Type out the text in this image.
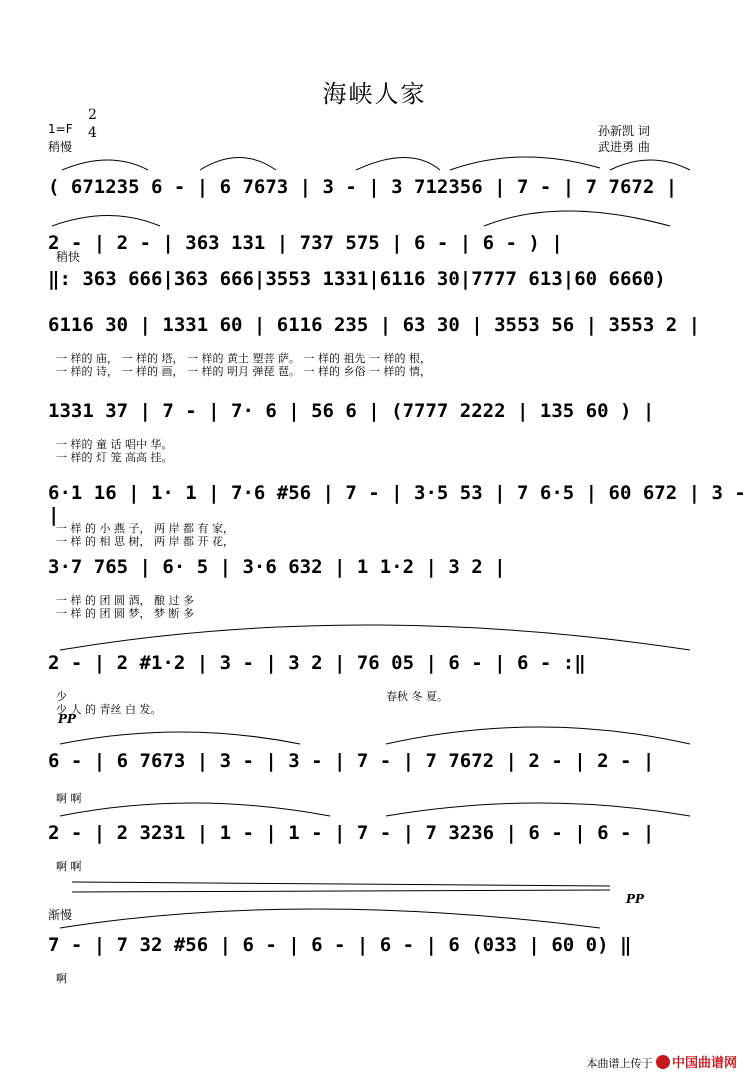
海峡人家
1=F
2
4
稍慢
孙新凯 词
武进勇 曲
( 671235 6 - | 6 7673 | 3 - | 3 712356 | 7 - | 7 7672 |
2 - | 2 - | 363 131 | 737 575 | 6 - | 6 - ) |
稍快
‖: 363 666|363 666|3553 1331|6116 30|7777 613|60 6660)
6116 30 | 1331 60 | 6116 235 | 63 30 | 3553 56 | 3553 2 |
一 样的 庙， 一 样的 塔， 一 样的 黄土 塑菩 萨。 一 样的 祖先 一 样的 根，
一 样的 诗， 一 样的 画， 一 样的 明月 弹琵 琶。 一 样的 乡俗 一 样的 情，
1331 37 | 7 - | 7· 6 | 56 6 | (7777 2222 | 135 60 ) |
一 样的 童 话 唱中 华。
一 样的 灯 笼 高高 挂。
6·1 16 | 1· 1 | 7·6 #56 | 7 - | 3·5 53 | 7 6·5 | 60 672 | 3 - |
一 样 的 小 燕 子， 两 岸 都 有 家，
一 样 的 相 思 树， 两 岸 都 开 花，
3·7 765 | 6· 5 | 3·6 632 | 1 1·2 | 3 2 |
一 样 的 团 圆 酒， 酿 过 多
一 样 的 团 圆 梦， 梦 断 多
2 - | 2 #1·2 | 3 - | 3 2 | 76 05 | 6 - | 6 - :‖
春秋 冬 夏。
少
少 人 的 青丝 白 发。
PP
6 - | 6 7673 | 3 - | 3 - | 7 - | 7 7672 | 2 - | 2 - |
啊 啊
2 - | 2 3231 | 1 - | 1 - | 7 - | 7 3236 | 6 - | 6 - |
啊 啊
渐慢
PP
7 - | 7 32 #56 | 6 - | 6 - | 6 - | 6 (033 | 60 0) ‖
啊
本曲谱上传于 中国曲谱网
